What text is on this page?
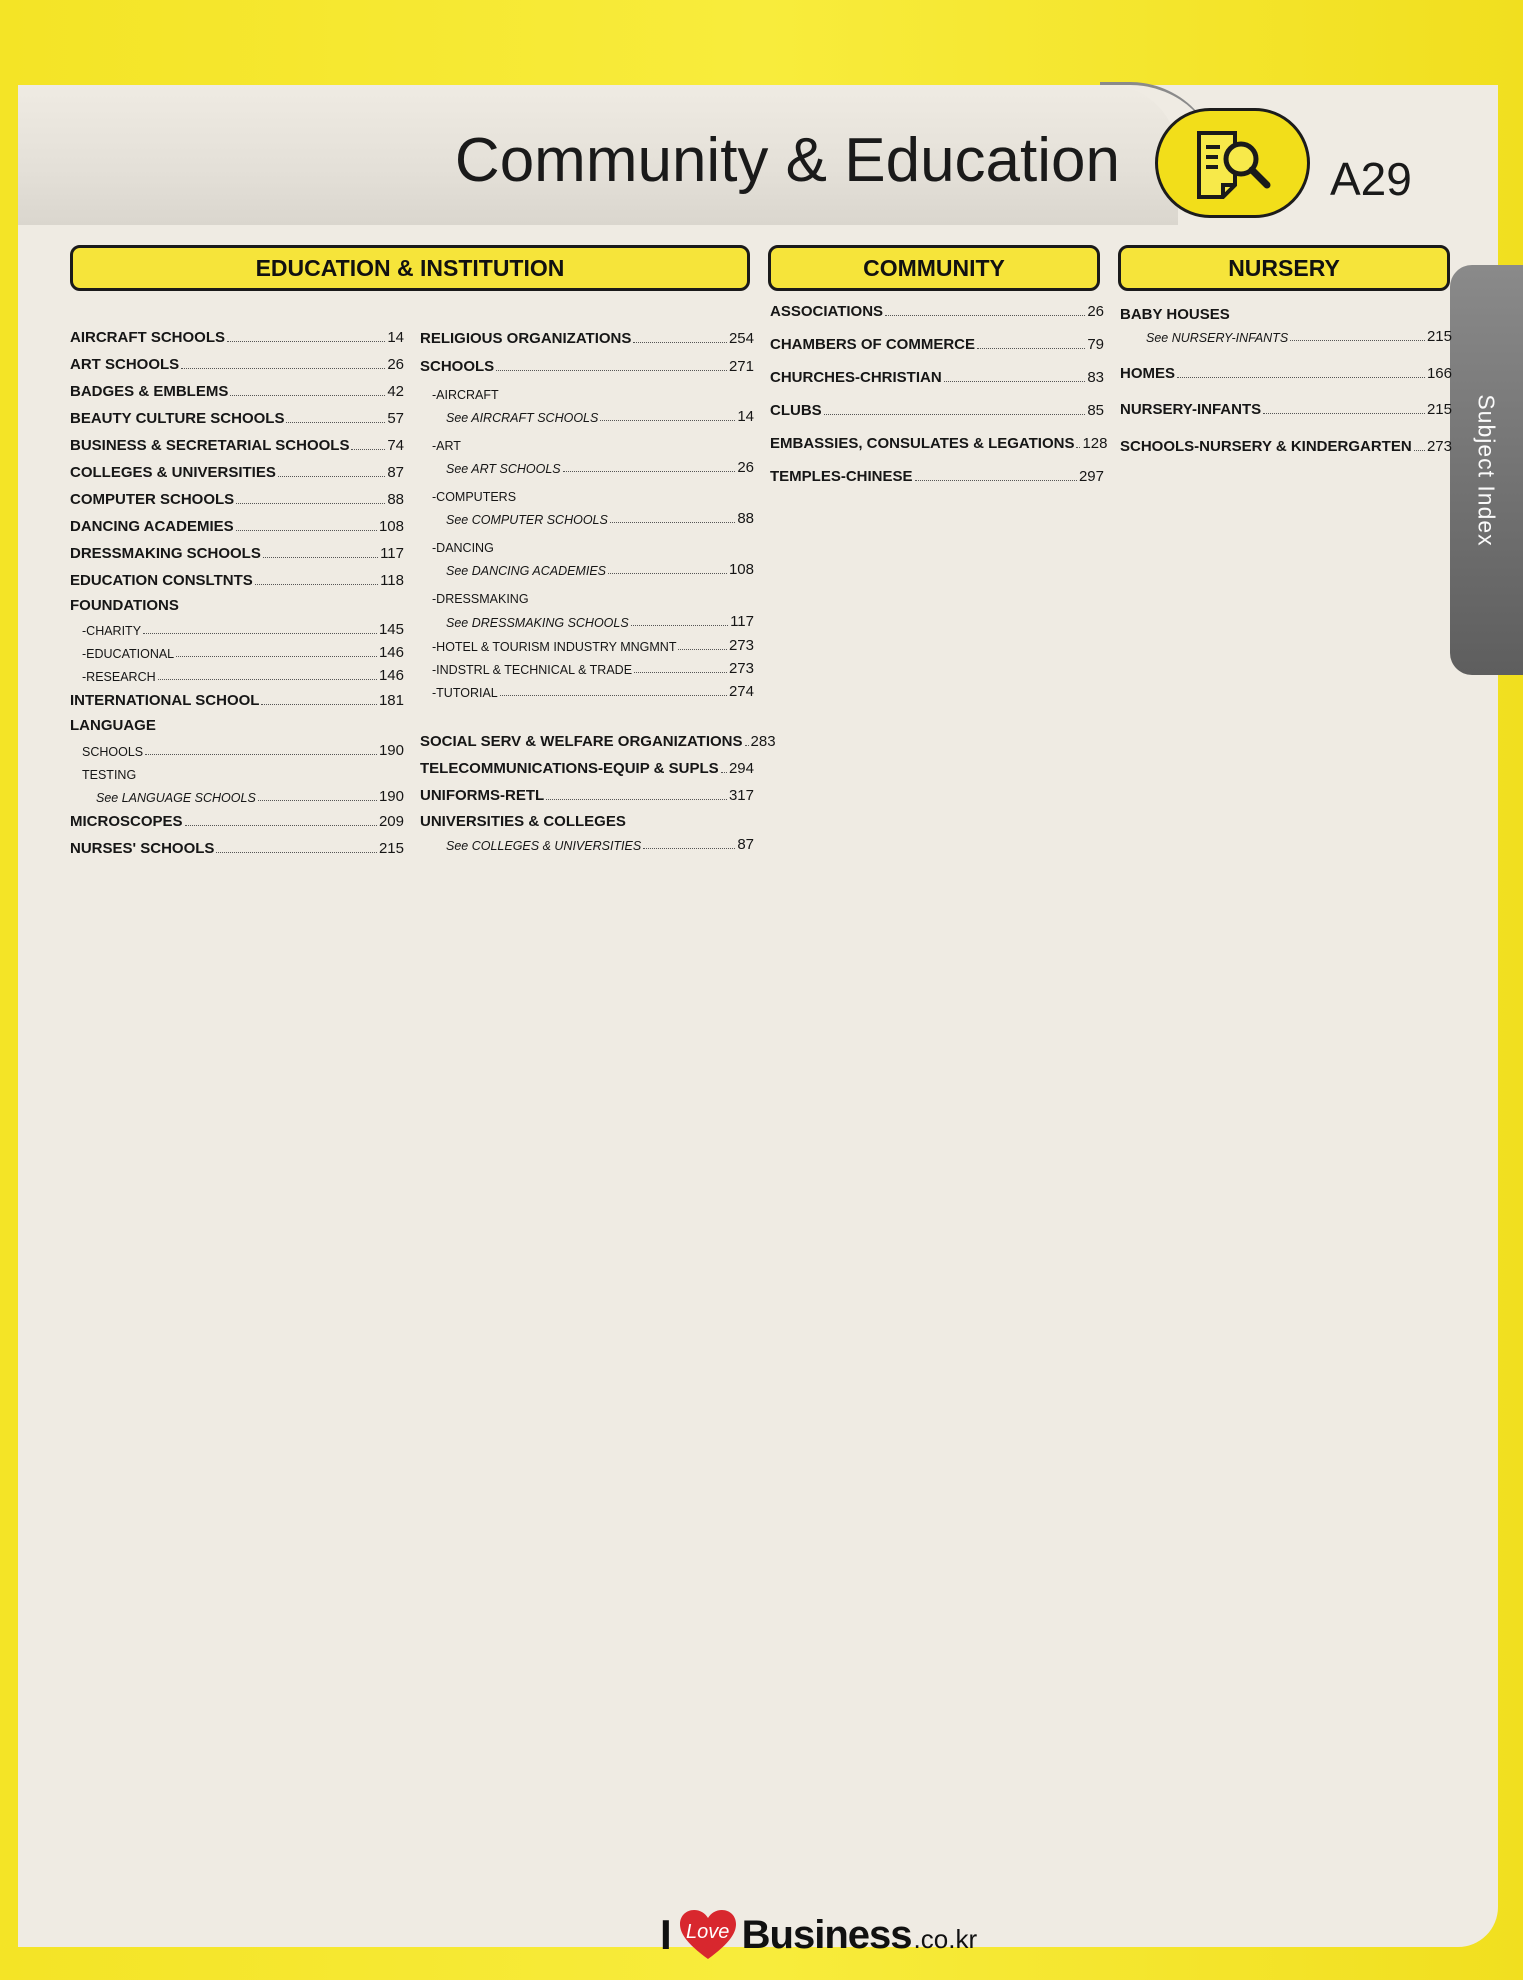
Community & Education	A29
Subject Index
EDUCATION & INSTITUTION	COMMUNITY	NURSERY
AIRCRAFT SCHOOLS	14
ART SCHOOLS	26
BADGES & EMBLEMS	42
BEAUTY CULTURE SCHOOLS	57
BUSINESS & SECRETARIAL SCHOOLS	74
COLLEGES & UNIVERSITIES	87
COMPUTER SCHOOLS	88
DANCING ACADEMIES	108
DRESSMAKING SCHOOLS	117
EDUCATION CONSLTNTS	118
FOUNDATIONS
-CHARITY	145
-EDUCATIONAL	146
-RESEARCH	146
INTERNATIONAL SCHOOL	181
LANGUAGE
SCHOOLS	190
TESTING
See LANGUAGE SCHOOLS	190
MICROSCOPES	209
NURSES' SCHOOLS	215
RELIGIOUS ORGANIZATIONS	254
SCHOOLS	271
-AIRCRAFT
See AIRCRAFT SCHOOLS	14
-ART
See ART SCHOOLS	26
-COMPUTERS
See COMPUTER SCHOOLS	88
-DANCING
See DANCING ACADEMIES	108
-DRESSMAKING
See DRESSMAKING SCHOOLS	117
-HOTEL & TOURISM INDUSTRY MNGMNT	273
-INDSTRL & TECHNICAL & TRADE	273
-TUTORIAL	274
SOCIAL SERV & WELFARE ORGANIZATIONS 283
TELECOMMUNICATIONS-EQUIP & SUPLS 294
UNIFORMS-RETL	317
UNIVERSITIES & COLLEGES
See COLLEGES & UNIVERSITIES	87
ASSOCIATIONS	26
CHAMBERS OF COMMERCE	79
CHURCHES-CHRISTIAN	83
CLUBS	85
EMBASSIES, CONSULATES & LEGATIONS 128
TEMPLES-CHINESE	297
BABY HOUSES
See NURSERY-INFANTS	215
HOMES	166
NURSERY-INFANTS	215
SCHOOLS-NURSERY & KINDERGARTEN 273
I Love Business .co.kr
